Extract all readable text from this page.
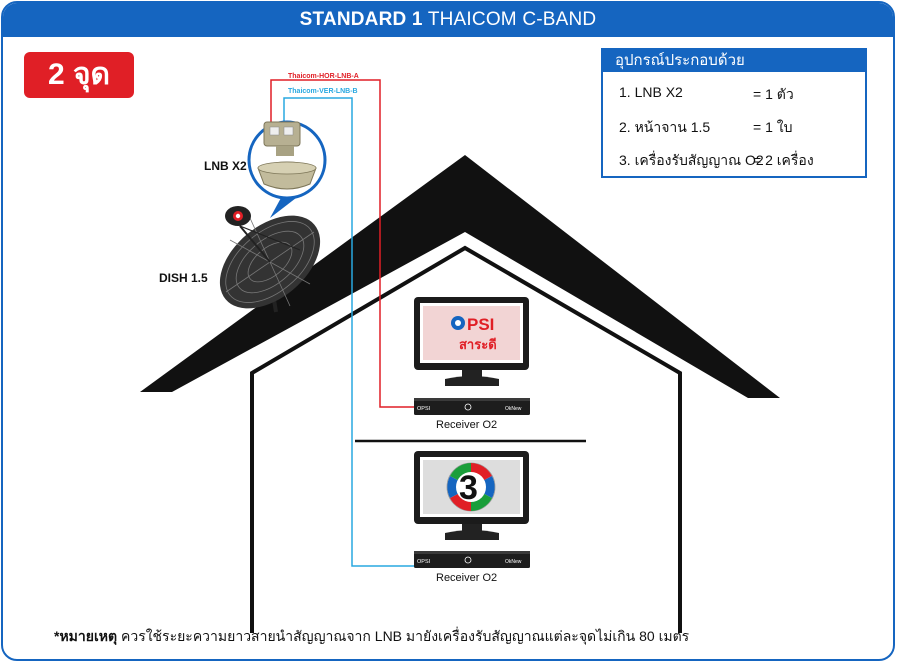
STANDARD 1 THAICOM C-BAND
Thaicom-HOR-LNB-A
Thaicom-VER-LNB-B
LNB X2
DISH 1.5
PSI
สาระดี
OPSI	OkNew
Receiver O2
3
OPSI	OkNew
Receiver O2
2 จุด	อุปกรณ์ประกอบด้วย
1. LNB X2	= 1 ตัว
2. หน้าจาน 1.5	= 1 ใบ
3. เครื่องรับสัญญาณ O2
= 2 เครื่อง
*หมายเหตุ ควรใช้ระยะความยาวสายนำสัญญาณจาก LNB มายังเครื่องรับสัญญาณแต่ละจุดไม่เกิน 80 เมตร
